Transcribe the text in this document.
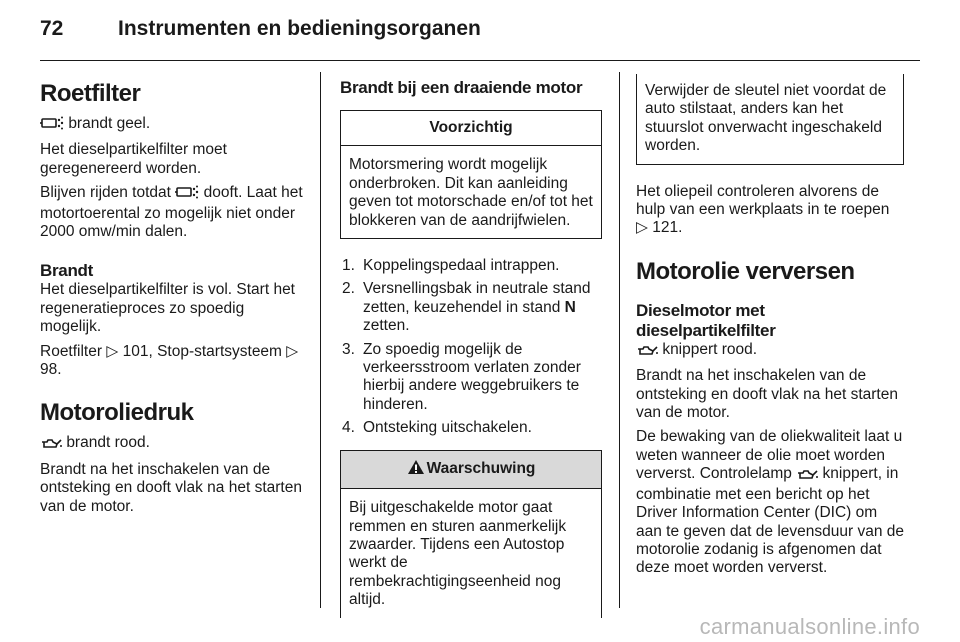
72	Instrumenten en bedieningsorganen
Roetfilter

brandt geel.

Het dieselpartikelfilter moet geregenereerd worden.

Blijven rijden totdat dooft. Laat het motortoerental zo mogelijk niet onder 2000 omw/min dalen.

Brandt

Het dieselpartikelfilter is vol. Start het regeneratieproces zo spoedig mogelijk.

Roetfilter ▷ 101, Stop-startsysteem ▷ 98.

Motoroliedruk

brandt rood.

Brandt na het inschakelen van de ontsteking en dooft vlak na het starten van de motor.

Brandt bij een draaiende motor
Voorzichtig
Motorsmering wordt mogelijk onderbroken. Dit kan aanleiding geven tot motorschade en/of tot het blokkeren van de aandrijfwielen.
1. Koppelingspedaal intrappen.
2. Versnellingsbak in neutrale stand zetten, keuzehendel in stand N zetten.
3. Zo spoedig mogelijk de verkeersstroom verlaten zonder hierbij andere weggebruikers te hinderen.
4. Ontsteking uitschakelen.
Waarschuwing
Bij uitgeschakelde motor gaat remmen en sturen aanmerkelijk zwaarder. Tijdens een Autostop werkt de rembekrachtigingseenheid nog altijd.
Verwijder de sleutel niet voordat de auto stilstaat, anders kan het stuurslot onverwacht ingeschakeld worden.

Het oliepeil controleren alvorens de hulp van een werkplaats in te roepen ▷ 121.

Motorolie verversen
Dieselmotor met dieselpartikelfilter

knippert rood.

Brandt na het inschakelen van de ontsteking en dooft vlak na het starten van de motor.

De bewaking van de oliekwaliteit laat u weten wanneer de olie moet worden ververst. Controlelamp knippert, in combinatie met een bericht op het Driver Information Center (DIC) om aan te geven dat de levensduur van de motorolie zodanig is afgenomen dat deze moet worden ververst.

carmanualsonline.info
